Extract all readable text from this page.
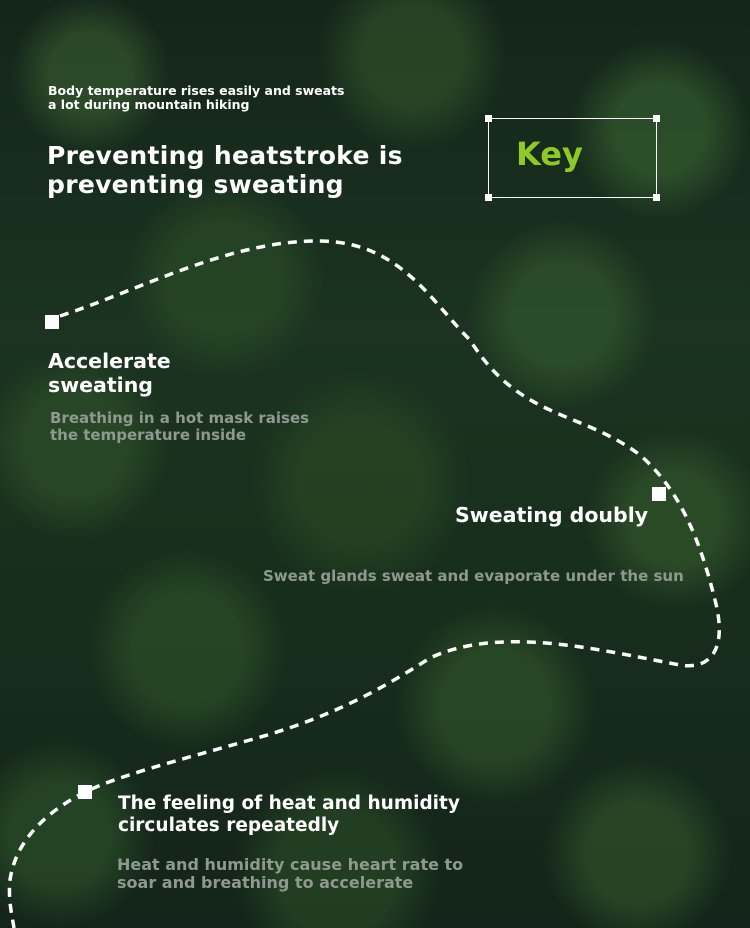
Body temperature rises easily and sweats
a lot during mountain hiking

Preventing heatstroke is
preventing sweating
Key
Accelerate
sweating

Breathing in a hot mask raises
the temperature inside

Sweating doubly

Sweat glands sweat and evaporate under the sun

The feeling of heat and humidity
circulates repeatedly

Heat and humidity cause heart rate to
soar and breathing to accelerate
